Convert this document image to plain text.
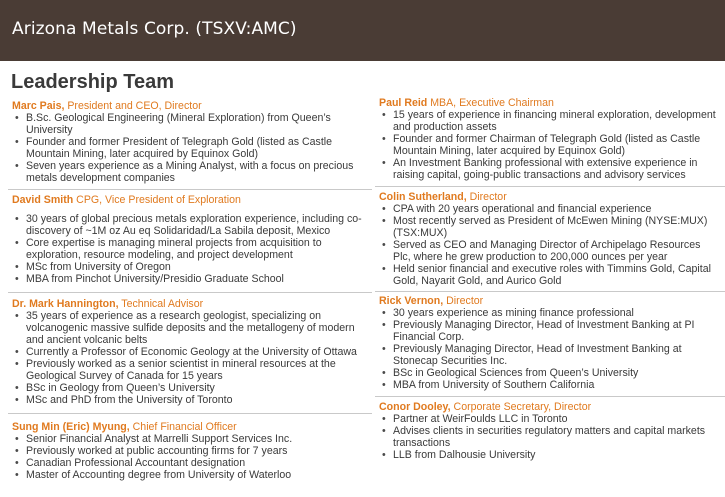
Arizona Metals Corp. (TSXV:AMC)
Leadership Team
Marc Pais, President and CEO, Director
• B.Sc. Geological Engineering (Mineral Exploration) from Queen’s University
• Founder and former President of Telegraph Gold (listed as Castle Mountain Mining, later acquired by Equinox Gold)
• Seven years experience as a Mining Analyst, with a focus on precious metals development companies
David Smith CPG, Vice President of Exploration
• 30 years of global precious metals exploration experience, including co-discovery of ~1M oz Au eq Solidaridad/La Sabila deposit, Mexico
• Core expertise is managing mineral projects from acquisition to exploration, resource modeling, and project development
• MSc from University of Oregon
• MBA from Pinchot University/Presidio Graduate School
Dr. Mark Hannington, Technical Advisor
• 35 years of experience as a research geologist, specializing on volcanogenic massive sulfide deposits and the metallogeny of modern and ancient volcanic belts
• Currently a Professor of Economic Geology at the University of Ottawa
• Previously worked as a senior scientist in mineral resources at the Geological Survey of Canada for 15 years
• BSc in Geology from Queen’s University
• MSc and PhD from the University of Toronto
Sung Min (Eric) Myung, Chief Financial Officer
• Senior Financial Analyst at Marrelli Support Services Inc.
• Previously worked at public accounting firms for 7 years
• Canadian Professional Accountant designation
• Master of Accounting degree from University of Waterloo
Paul Reid MBA, Executive Chairman
• 15 years of experience in financing mineral exploration, development and production assets
• Founder and former Chairman of Telegraph Gold (listed as Castle Mountain Mining, later acquired by Equinox Gold)
• An Investment Banking professional with extensive experience in raising capital, going-public transactions and advisory services
Colin Sutherland, Director
• CPA with 20 years operational and financial experience
• Most recently served as President of McEwen Mining (NYSE:MUX) (TSX:MUX)
• Served as CEO and Managing Director of Archipelago Resources Plc, where he grew production to 200,000 ounces per year
• Held senior financial and executive roles with Timmins Gold, Capital Gold, Nayarit Gold, and Aurico Gold
Rick Vernon, Director
• 30 years experience as mining finance professional
• Previously Managing Director, Head of Investment Banking at PI Financial Corp.
• Previously Managing Director, Head of Investment Banking at Stonecap Securities Inc.
• BSc in Geological Sciences from Queen’s University
• MBA from University of Southern California
Conor Dooley, Corporate Secretary, Director
• Partner at WeirFoulds LLC in Toronto
• Advises clients in securities regulatory matters and capital markets transactions
• LLB from Dalhousie University
